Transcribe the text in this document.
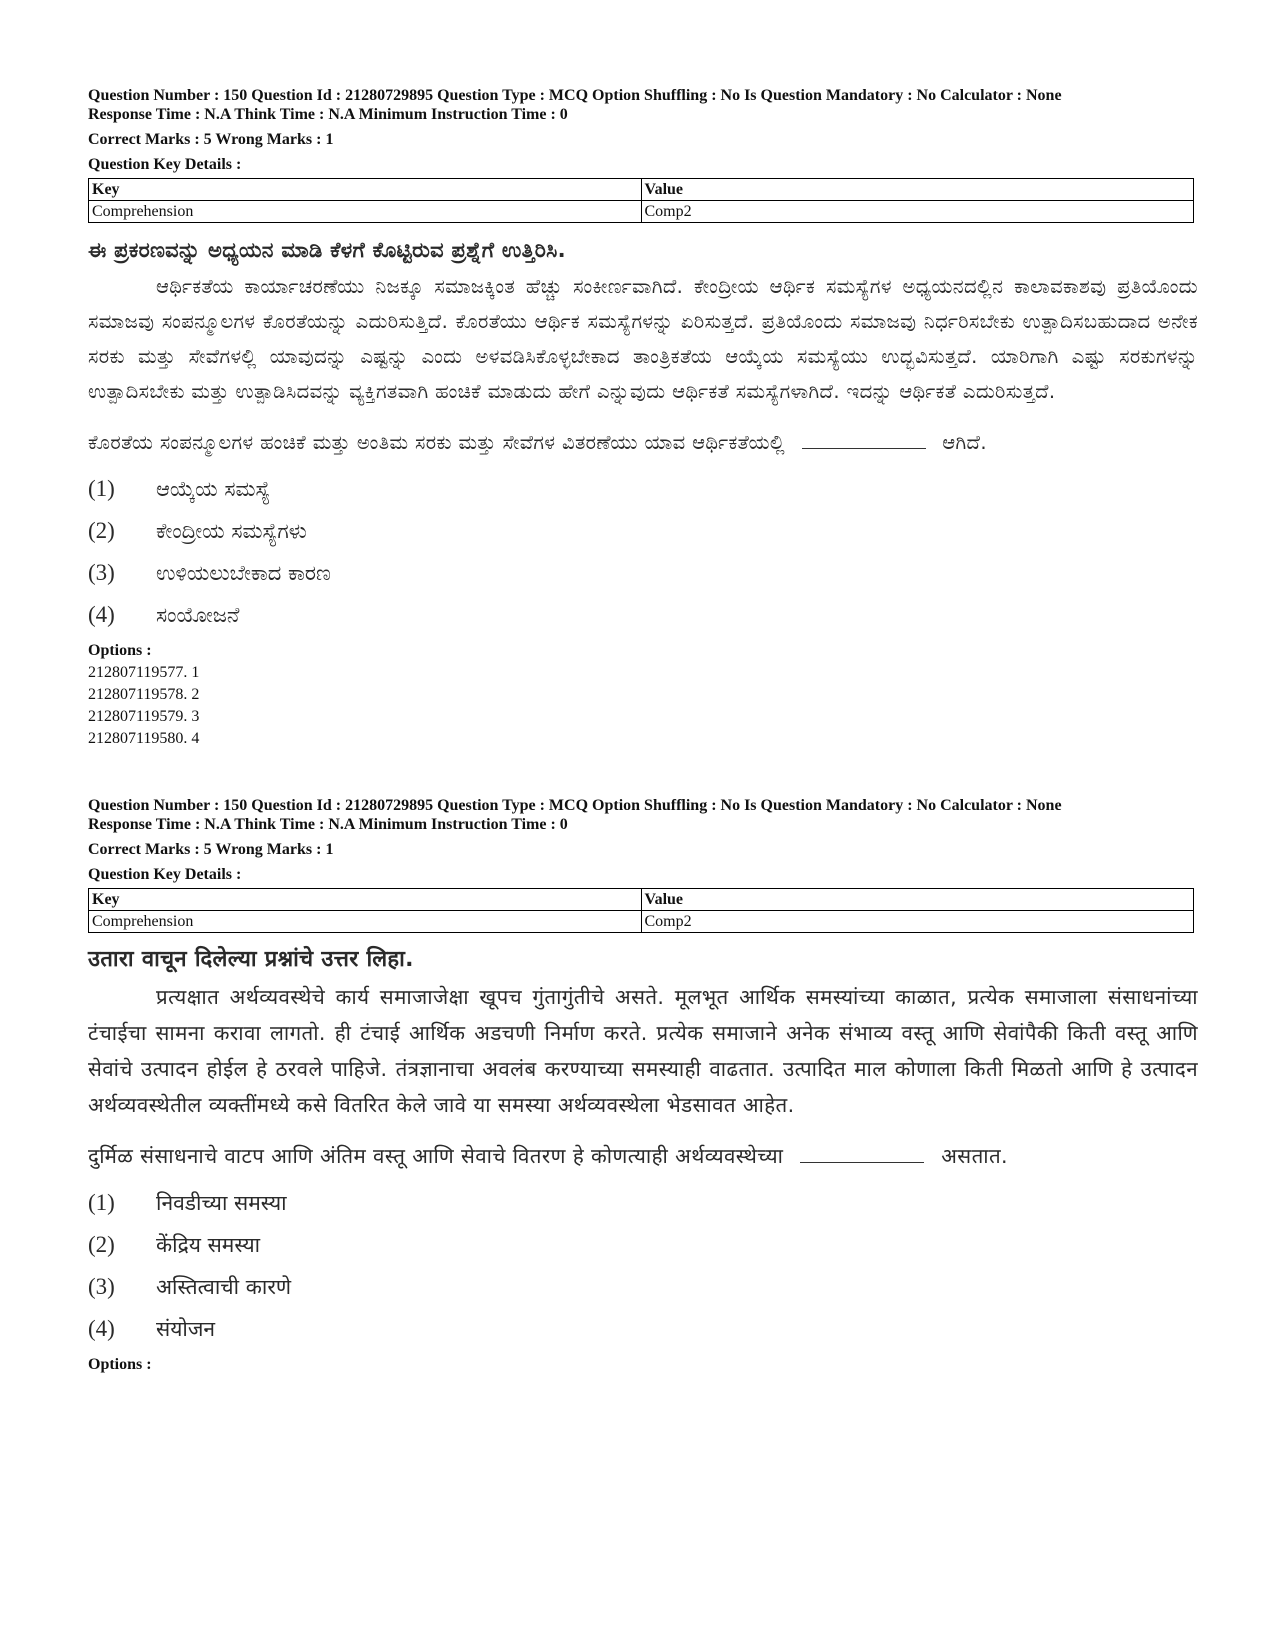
Question Number : 150 Question Id : 21280729895 Question Type : MCQ Option Shuffling : No Is Question Mandatory : No Calculator : None

Response Time : N.A Think Time : N.A Minimum Instruction Time : 0

Correct Marks : 5 Wrong Marks : 1

Question Key Details :

Key	Value
Comprehension	Comp2
ಈ ಪ್ರಕರಣವನ್ನು ಅಧ್ಯಯನ ಮಾಡಿ ಕೆಳಗೆ ಕೊಟ್ಟಿರುವ ಪ್ರಶ್ನೆಗೆ ಉತ್ತಿರಿಸಿ.
ಆರ್ಥಿಕತೆಯ ಕಾರ್ಯಾಚರಣೆಯು ನಿಜಕ್ಕೂ ಸಮಾಜಕ್ಕಿಂತ ಹೆಚ್ಚು ಸಂಕೀರ್ಣವಾಗಿದೆ. ಕೇಂದ್ರೀಯ ಆರ್ಥಿಕ ಸಮಸ್ಯೆಗಳ ಅಧ್ಯಯನದಲ್ಲಿನ ಕಾಲಾವಕಾಶವು ಪ್ರತಿಯೊಂದು ಸಮಾಜವು ಸಂಪನ್ಮೂಲಗಳ ಕೊರತೆಯನ್ನು ಎದುರಿಸುತ್ತಿದೆ. ಕೊರತೆಯು ಆರ್ಥಿಕ ಸಮಸ್ಯೆಗಳನ್ನು ಏರಿಸುತ್ತದೆ. ಪ್ರತಿಯೊಂದು ಸಮಾಜವು ನಿರ್ಧರಿಸಬೇಕು ಉತ್ಪಾದಿಸಬಹುದಾದ ಅನೇಕ ಸರಕು ಮತ್ತು ಸೇವೆಗಳಲ್ಲಿ ಯಾವುದನ್ನು ಎಷ್ಟನ್ನು ಎಂದು ಅಳವಡಿಸಿಕೊಳ್ಳಬೇಕಾದ ತಾಂತ್ರಿಕತೆಯ ಆಯ್ಕೆಯ ಸಮಸ್ಯೆಯು ಉದ್ಭವಿಸುತ್ತದೆ. ಯಾರಿಗಾಗಿ ಎಷ್ಟು ಸರಕುಗಳನ್ನು ಉತ್ಪಾದಿಸಬೇಕು ಮತ್ತು ಉತ್ಪಾಡಿಸಿದವನ್ನು ವ್ಯಕ್ತಿಗತವಾಗಿ ಹಂಚಿಕೆ ಮಾಡುದು ಹೇಗೆ ಎನ್ನುವುದು ಆರ್ಥಿಕತೆ ಸಮಸ್ಯೆಗಳಾಗಿದೆ. ಇದನ್ನು ಆರ್ಥಿಕತೆ ಎದುರಿಸುತ್ತದೆ.
ಕೊರತೆಯ ಸಂಪನ್ಮೂಲಗಳ ಹಂಚಿಕೆ ಮತ್ತು ಅಂತಿಮ ಸರಕು ಮತ್ತು ಸೇವೆಗಳ ವಿತರಣೆಯು ಯಾವ ಆರ್ಥಿಕತೆಯಲ್ಲಿ	ಆಗಿದೆ.
(1) ಆಯ್ಕೆಯ ಸಮಸ್ಯೆ
(2) ಕೇಂದ್ರೀಯ ಸಮಸ್ಯೆಗಳು
(3) ಉಳಿಯಲುಬೇಕಾದ ಕಾರಣ
(4) ಸಂಯೋಜನೆ
Options :
212807119577. 1
212807119578. 2
212807119579. 3
212807119580. 4

Question Number : 150 Question Id : 21280729895 Question Type : MCQ Option Shuffling : No Is Question Mandatory : No Calculator : None

Response Time : N.A Think Time : N.A Minimum Instruction Time : 0

Correct Marks : 5 Wrong Marks : 1

Question Key Details :

Key	Value
Comprehension	Comp2
उतारा वाचून दिलेल्या प्रश्नांचे उत्तर लिहा.
प्रत्यक्षात अर्थव्यवस्थेचे कार्य समाजाजेक्षा खूपच गुंतागुंतीचे असते. मूलभूत आर्थिक समस्यांच्या काळात, प्रत्येक समाजाला संसाधनांच्या टंचाईचा सामना करावा लागतो. ही टंचाई आर्थिक अडचणी निर्माण करते. प्रत्येक समाजाने अनेक संभाव्य वस्तू आणि सेवांपैकी किती वस्तू आणि सेवांचे उत्पादन होईल हे ठरवले पाहिजे. तंत्रज्ञानाचा अवलंब करण्याच्या समस्याही वाढतात. उत्पादित माल कोणाला किती मिळतो आणि हे उत्पादन अर्थव्यवस्थेतील व्यक्तींमध्ये कसे वितरित केले जावे या समस्या अर्थव्यवस्थेला भेडसावत आहेत.
दुर्मिळ संसाधनाचे वाटप आणि अंतिम वस्तू आणि सेवाचे वितरण हे कोणत्याही अर्थव्यवस्थेच्या	असतात.
(1) निवडीच्या समस्या
(2) केंद्रिय समस्या
(3) अस्तित्वाची कारणे
(4) संयोजन
Options :
